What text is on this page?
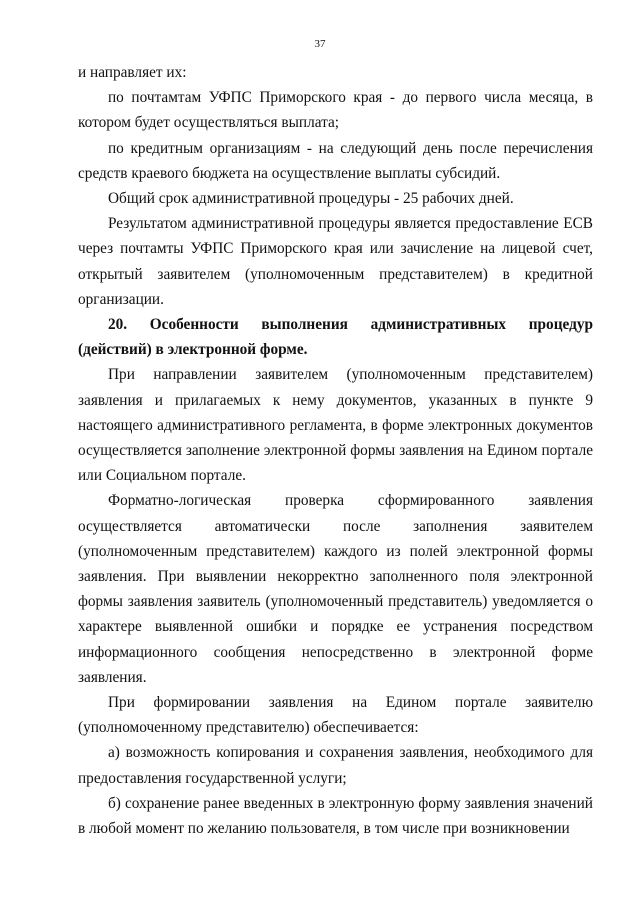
37

и направляет их:

по почтамтам УФПС Приморского края - до первого числа месяца, в котором будет осуществляться выплата;

по кредитным организациям - на следующий день после перечисления средств краевого бюджета на осуществление выплаты субсидий.

Общий срок административной процедуры - 25 рабочих дней.

Результатом административной процедуры является предоставление ЕСВ через почтамты УФПС Приморского края или зачисление на лицевой счет, открытый заявителем (уполномоченным представителем) в кредитной организации.

20. Особенности выполнения административных процедур (действий) в электронной форме.

При направлении заявителем (уполномоченным представителем) заявления и прилагаемых к нему документов, указанных в пункте 9 настоящего административного регламента, в форме электронных документов осуществляется заполнение электронной формы заявления на Едином портале или Социальном портале.

Форматно-логическая проверка сформированного заявления осуществляется автоматически после заполнения заявителем (уполномоченным представителем) каждого из полей электронной формы заявления. При выявлении некорректно заполненного поля электронной формы заявления заявитель (уполномоченный представитель) уведомляется о характере выявленной ошибки и порядке ее устранения посредством информационного сообщения непосредственно в электронной форме заявления.

При формировании заявления на Едином портале заявителю (уполномоченному представителю) обеспечивается:

а) возможность копирования и сохранения заявления, необходимого для предоставления государственной услуги;

б) сохранение ранее введенных в электронную форму заявления значений в любой момент по желанию пользователя, в том числе при возникновении
